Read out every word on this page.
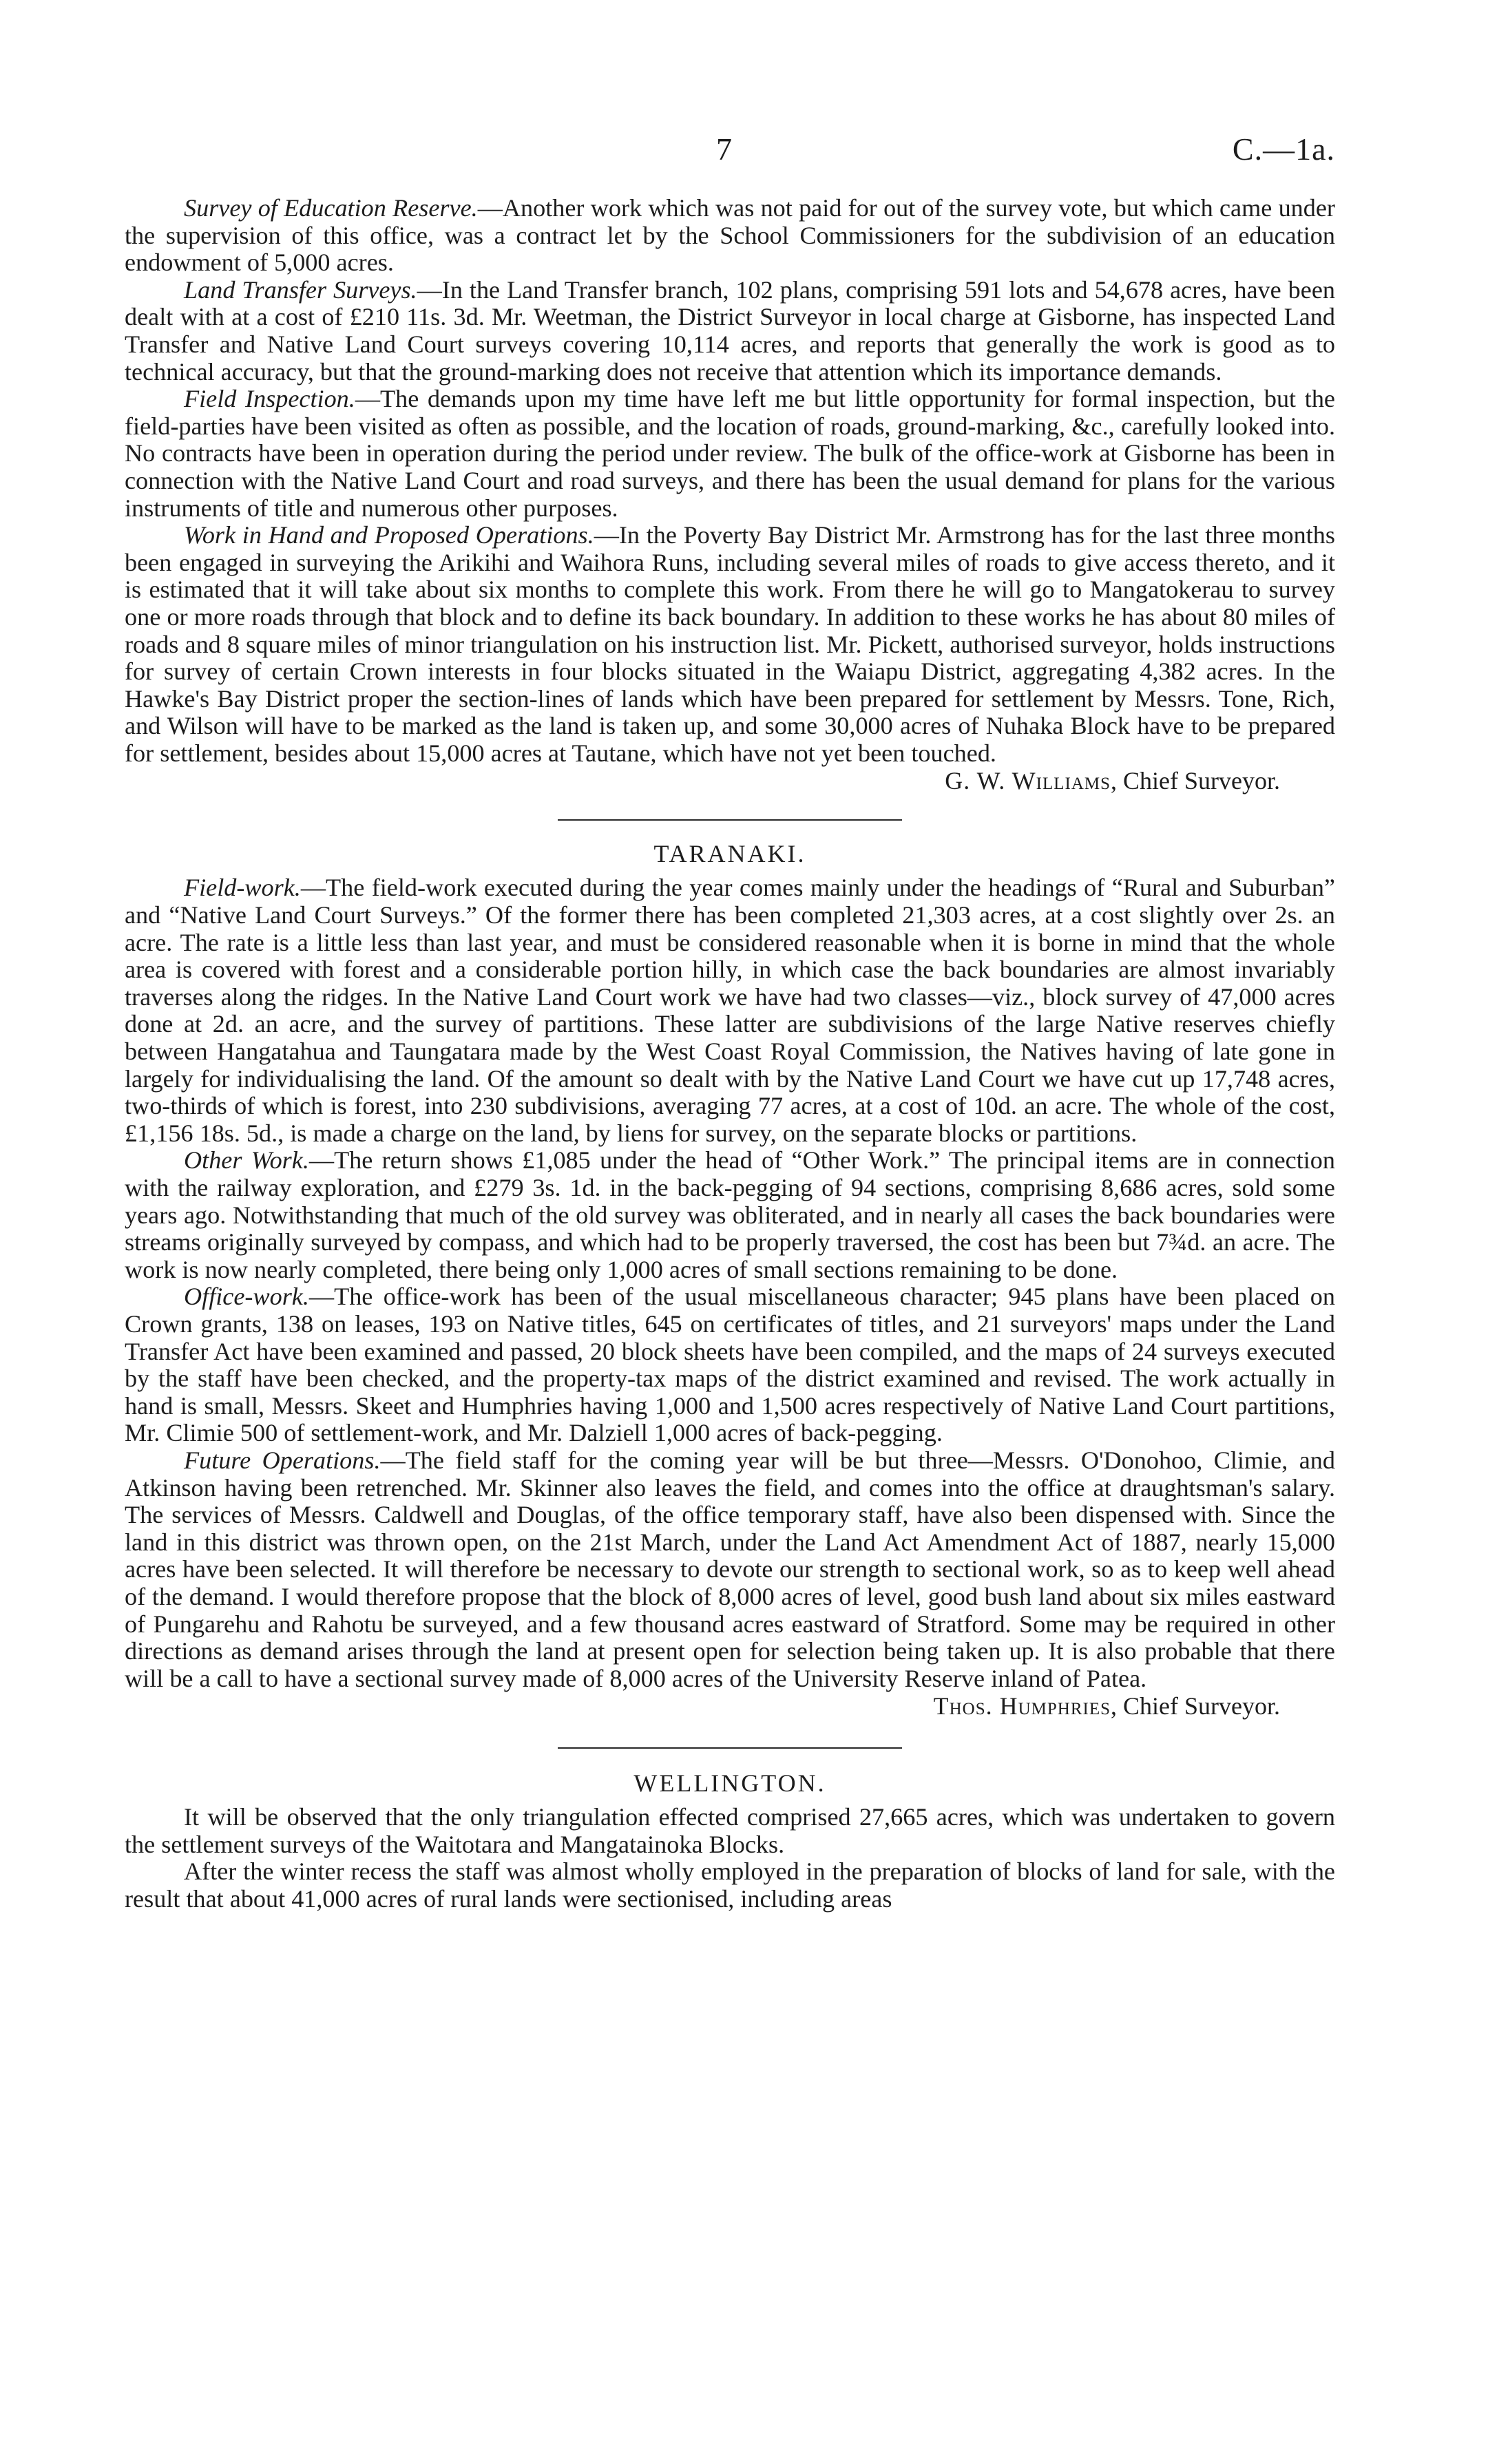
7	C.—1a.

Survey of Education Reserve.—Another work which was not paid for out of the survey vote, but which came under the supervision of this office, was a contract let by the School Commissioners for the subdivision of an education endowment of 5,000 acres.

Land Transfer Surveys.—In the Land Transfer branch, 102 plans, comprising 591 lots and 54,678 acres, have been dealt with at a cost of £210 11s. 3d. Mr. Weetman, the District Surveyor in local charge at Gisborne, has inspected Land Transfer and Native Land Court surveys covering 10,114 acres, and reports that generally the work is good as to technical accuracy, but that the ground-marking does not receive that attention which its importance demands.

Field Inspection.—The demands upon my time have left me but little opportunity for formal inspection, but the field-parties have been visited as often as possible, and the location of roads, ground-marking, &c., carefully looked into. No contracts have been in operation during the period under review. The bulk of the office-work at Gisborne has been in connection with the Native Land Court and road surveys, and there has been the usual demand for plans for the various instruments of title and numerous other purposes.

Work in Hand and Proposed Operations.—In the Poverty Bay District Mr. Armstrong has for the last three months been engaged in surveying the Arikihi and Waihora Runs, including several miles of roads to give access thereto, and it is estimated that it will take about six months to complete this work. From there he will go to Mangatokerau to survey one or more roads through that block and to define its back boundary. In addition to these works he has about 80 miles of roads and 8 square miles of minor triangulation on his instruction list. Mr. Pickett, authorised surveyor, holds instructions for survey of certain Crown interests in four blocks situated in the Waiapu District, aggregating 4,382 acres. In the Hawke's Bay District proper the section-lines of lands which have been prepared for settlement by Messrs. Tone, Rich, and Wilson will have to be marked as the land is taken up, and some 30,000 acres of Nuhaka Block have to be prepared for settlement, besides about 15,000 acres at Tautane, which have not yet been touched.

G. W. Williams, Chief Surveyor.

TARANAKI.

Field-work.—The field-work executed during the year comes mainly under the headings of “Rural and Suburban” and “Native Land Court Surveys.” Of the former there has been completed 21,303 acres, at a cost slightly over 2s. an acre. The rate is a little less than last year, and must be considered reasonable when it is borne in mind that the whole area is covered with forest and a considerable portion hilly, in which case the back boundaries are almost invariably traverses along the ridges. In the Native Land Court work we have had two classes—viz., block survey of 47,000 acres done at 2d. an acre, and the survey of partitions. These latter are subdivisions of the large Native reserves chiefly between Hangatahua and Taungatara made by the West Coast Royal Commission, the Natives having of late gone in largely for individualising the land. Of the amount so dealt with by the Native Land Court we have cut up 17,748 acres, two-thirds of which is forest, into 230 subdivisions, averaging 77 acres, at a cost of 10d. an acre. The whole of the cost, £1,156 18s. 5d., is made a charge on the land, by liens for survey, on the separate blocks or partitions.

Other Work.—The return shows £1,085 under the head of “Other Work.” The principal items are in connection with the railway exploration, and £279 3s. 1d. in the back-pegging of 94 sections, comprising 8,686 acres, sold some years ago. Notwithstanding that much of the old survey was obliterated, and in nearly all cases the back boundaries were streams originally surveyed by compass, and which had to be properly traversed, the cost has been but 7¾d. an acre. The work is now nearly completed, there being only 1,000 acres of small sections remaining to be done.

Office-work.—The office-work has been of the usual miscellaneous character; 945 plans have been placed on Crown grants, 138 on leases, 193 on Native titles, 645 on certificates of titles, and 21 surveyors' maps under the Land Transfer Act have been examined and passed, 20 block sheets have been compiled, and the maps of 24 surveys executed by the staff have been checked, and the property-tax maps of the district examined and revised. The work actually in hand is small, Messrs. Skeet and Humphries having 1,000 and 1,500 acres respectively of Native Land Court partitions, Mr. Climie 500 of settlement-work, and Mr. Dalziell 1,000 acres of back-pegging.

Future Operations.—The field staff for the coming year will be but three—Messrs. O'Donohoo, Climie, and Atkinson having been retrenched. Mr. Skinner also leaves the field, and comes into the office at draughtsman's salary. The services of Messrs. Caldwell and Douglas, of the office temporary staff, have also been dispensed with. Since the land in this district was thrown open, on the 21st March, under the Land Act Amendment Act of 1887, nearly 15,000 acres have been selected. It will therefore be necessary to devote our strength to sectional work, so as to keep well ahead of the demand. I would therefore propose that the block of 8,000 acres of level, good bush land about six miles eastward of Pungarehu and Rahotu be surveyed, and a few thousand acres eastward of Stratford. Some may be required in other directions as demand arises through the land at present open for selection being taken up. It is also probable that there will be a call to have a sectional survey made of 8,000 acres of the University Reserve inland of Patea.

Thos. Humphries, Chief Surveyor.

WELLINGTON.

It will be observed that the only triangulation effected comprised 27,665 acres, which was undertaken to govern the settlement surveys of the Waitotara and Mangatainoka Blocks.

After the winter recess the staff was almost wholly employed in the preparation of blocks of land for sale, with the result that about 41,000 acres of rural lands were sectionised, including areas
